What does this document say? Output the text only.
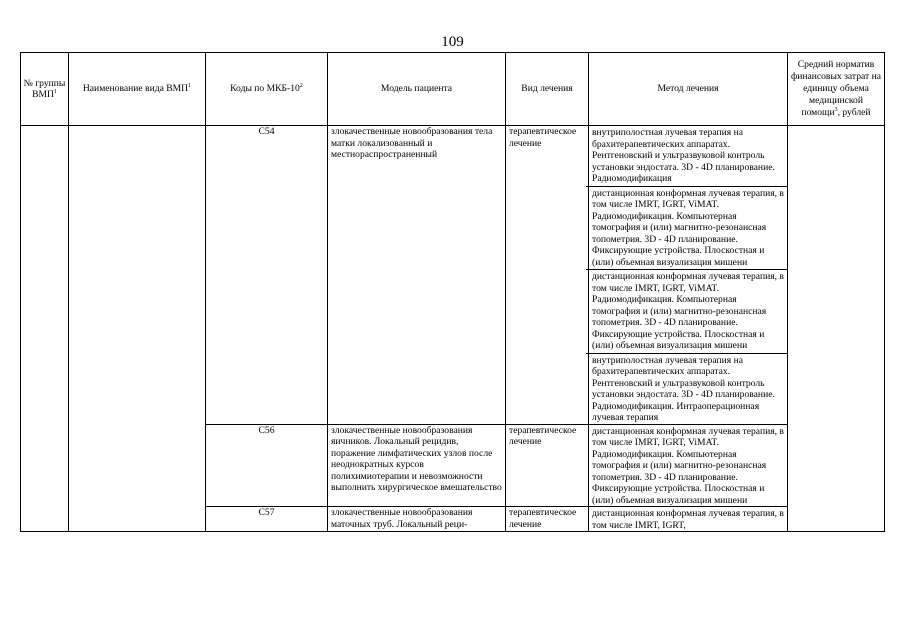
109
№ группы ВМП$^1$	Наименование вида ВМП$^1$	Коды по МКБ-$10^2$	Модель пациента	Вид лечения	Метод лечения	Средний норматив финансовых затрат на единицу объема медицинской помощи$^3$, рублей
		C54	злокачественные новообразования тела матки локализованный и местнораспространенный	терапевтическое лечение	внутриполостная лучевая терапия на брахитерапевтических аппаратах. Рентгеновский и ультразвуковой контроль установки эндостата. 3D - 4D планирование. Радиомодификация
дистанционная конформная лучевая терапия, в том числе IMRT, IGRT, ViMAT. Радиомодификация. Компьютерная томография и (или) магнитно-резонансная топометрия. 3D - 4D планирование. Фиксирующие устройства. Плоскостная и (или) объемная визуализация мишени
дистанционная конформная лучевая терапия, в том числе IMRT, IGRT, ViMAT. Радиомодификация. Компьютерная томография и (или) магнитно-резонансная топометрия. 3D - 4D планирование. Фиксирующие устройства. Плоскостная и (или) объемная визуализация мишени
внутриполостная лучевая терапия на брахитерапевтических аппаратах. Рентгеновский и ультразвуковой контроль установки эндостата. 3D - 4D планирование. Радиомодификация. Интраоперационная лучевая терапия	

		C56	злокачественные новообразования яичников. Локальный рецидив, поражение лимфатических узлов после неоднократных курсов полихимиотерапии и невозможности выполнить хирургическое вмешательство	терапевтическое лечение	дистанционная конформная лучевая терапия, в том числе IMRT, IGRT, ViMAT. Радиомодификация. Компьютерная томография и (или) магнитно-резонансная топометрия. 3D - 4D планирование. Фиксирующие устройства. Плоскостная и (или) объемная визуализация мишени	

		C57	злокачественные новообразования маточных труб. Локальный реци-	терапевтическое лечение	дистанционная конформная лучевая терапия, в том числе IMRT, IGRT,	
